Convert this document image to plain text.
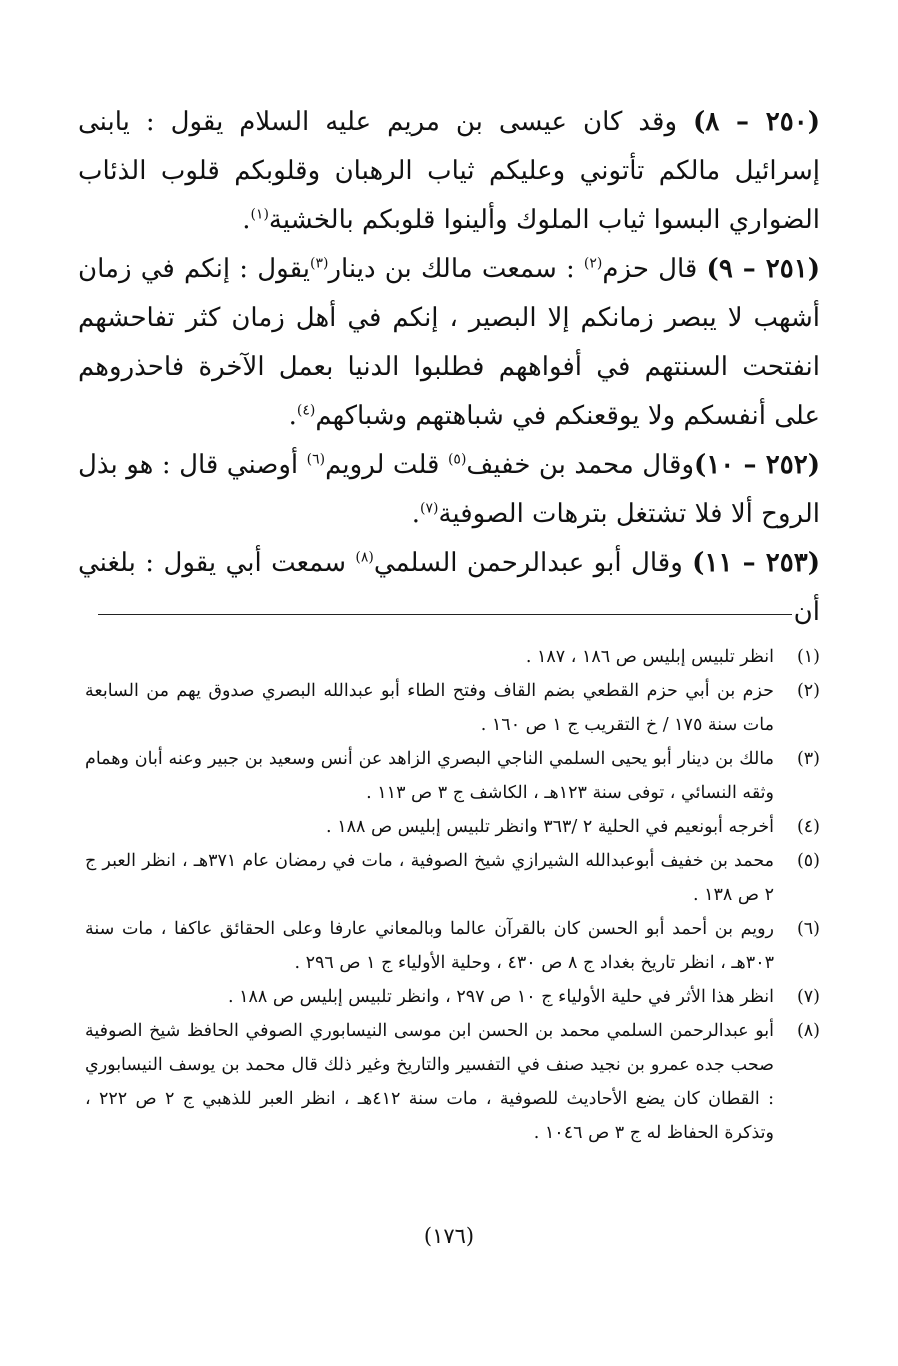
(٢٥٠ – ٨) وقد كان عيسى بن مريم عليه السلام يقول : يابنى إسرائيل مالكم تأتوني وعليكم ثياب الرهبان وقلوبكم قلوب الذئاب الضواري البسوا ثياب الملوك وألينوا قلوبكم بالخشية$^{(١)}$.

(٢٥١ – ٩) قال حزم$^{(٢)}$ : سمعت مالك بن دينار$^{(٣)}$يقول : إنكم في زمان أشهب لا يبصر زمانكم إلا البصير ، إنكم في أهل زمان كثر تفاحشهم انفتحت السنتهم في أفواههم فطلبوا الدنيا بعمل الآخرة فاحذروهم على أنفسكم ولا يوقعنكم في شباهتهم وشباكهم$^{(٤)}$.

(٢٥٢ – ١٠)وقال محمد بن خفيف$^{(٥)}$ قلت لرويم$^{(٦)}$ أوصني قال : هو بذل الروح ألا فلا تشتغل بترهات الصوفية$^{(٧)}$.

(٢٥٣ – ١١) وقال أبو عبدالرحمن السلمي$^{(٨)}$ سمعت أبي يقول : بلغني أن

(١)
انظر تلبيس إبليس ص ١٨٦ ، ١٨٧ .
(٢)
حزم بن أبي حزم القطعي بضم القاف وفتح الطاء أبو عبدالله البصري صدوق يهم من السابعة مات سنة ١٧٥ / خ التقريب ج ١ ص ١٦٠ .
(٣)
مالك بن دينار أبو يحيى السلمي الناجي البصري الزاهد عن أنس وسعيد بن جبير وعنه أبان وهمام وثقه النسائي ، توفى سنة ١٢٣هـ ، الكاشف ج ٣ ص ١١٣ .
(٤)
أخرجه أبونعيم في الحلية ٢ /٣٦٣ وانظر تلبيس إبليس ص ١٨٨ .
(٥)
محمد بن خفيف أبوعبدالله الشيرازي شيخ الصوفية ، مات في رمضان عام ٣٧١هـ ، انظر العبر ج ٢ ص ١٣٨ .
(٦)
رويم بن أحمد أبو الحسن كان بالقرآن عالما وبالمعاني عارفا وعلى الحقائق عاكفا ، مات سنة ٣٠٣هـ ، انظر تاريخ بغداد ج ٨ ص ٤٣٠ ، وحلية الأولياء ج ١ ص ٢٩٦ .
(٧)
انظر هذا الأثر في حلية الأولياء ج ١٠ ص ٢٩٧ ، وانظر تلبيس إبليس ص ١٨٨ .
(٨)
أبو عبدالرحمن السلمي محمد بن الحسن ابن موسى النيسابوري الصوفي الحافظ شيخ الصوفية صحب جده عمرو بن نجيد صنف في التفسير والتاريخ وغير ذلك قال محمد بن يوسف النيسابوري : القطان كان يضع الأحاديث للصوفية ، مات سنة ٤١٢هـ ، انظر العبر للذهبي ج ٢ ص ٢٢٢ ، وتذكرة الحفاظ له ج ٣ ص ١٠٤٦ .
(١٧٦)
